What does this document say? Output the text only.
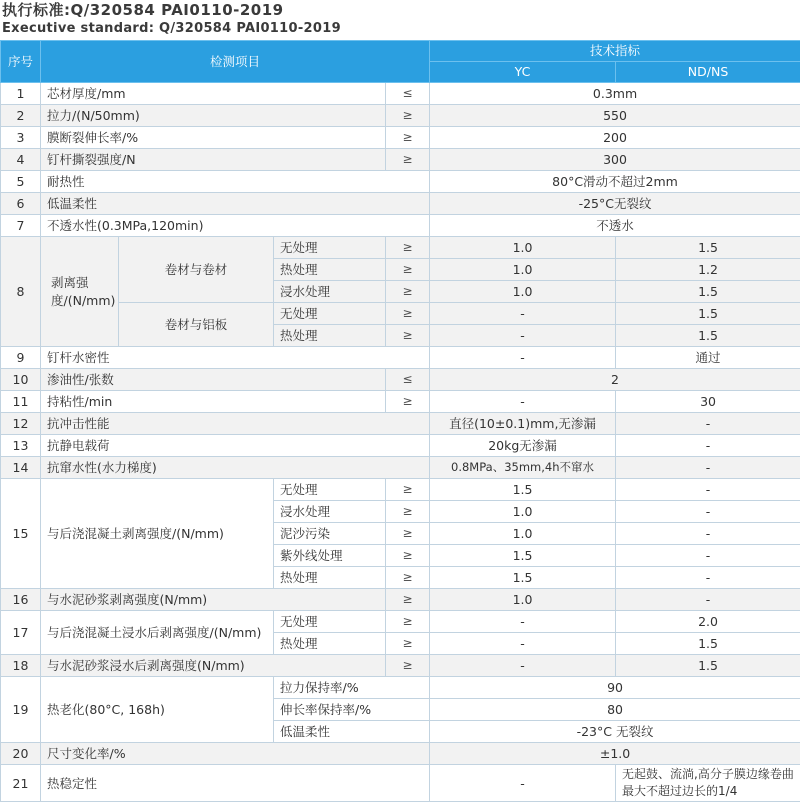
执行标准:Q/320584 PAI0110-2019
Executive standard: Q/320584 PAI0110-2019
序号	检测项目				技术指标	
					YC	ND/NS
1	芯材厚度/mm			≤	0.3mm	
2	拉力/(N/50mm)			≥	550	
3	膜断裂伸长率/%			≥	200	
4	钉杆撕裂强度/N			≥	300	
5	耐热性				80°C滑动不超过2mm	
6	低温柔性				-25°C无裂纹	
7	不透水性(0.3MPa,120min)				不透水	
8	剥离强度/(N/mm)	卷材与卷材	无处理	≥	1.0	1.5
			热处理	≥	1.0	1.2
			浸水处理	≥	1.0	1.5
		卷材与铝板	无处理	≥	-	1.5
			热处理	≥	-	1.5
9	钉杆水密性				-	通过
10	渗油性/张数			≤	2	
11	持粘性/min			≥	-	30
12	抗冲击性能				直径(10±0.1)mm,无渗漏	-
13	抗静电载荷				20kg无渗漏	-
14	抗窜水性(水力梯度)				0.8MPa、35mm,4h不窜水	-
15	与后浇混凝土剥离强度/(N/mm)		无处理	≥	1.5	-
			浸水处理	≥	1.0	-
			泥沙污染	≥	1.0	-
			紫外线处理	≥	1.5	-
			热处理	≥	1.5	-
16	与水泥砂浆剥离强度(N/mm)			≥	1.0	-
17	与后浇混凝土浸水后剥离强度/(N/mm)		无处理	≥	-	2.0
			热处理	≥	-	1.5
18	与水泥砂浆浸水后剥离强度(N/mm)			≥	-	1.5
19	热老化(80°C, 168h)		拉力保持率/%		90	
			伸长率保持率/%		80	
			低温柔性		-23°C 无裂纹	
20	尺寸变化率/%				±1.0	
21	热稳定性				-	无起鼓、流淌,高分子膜边缘卷曲最大不超过边长的1/4
